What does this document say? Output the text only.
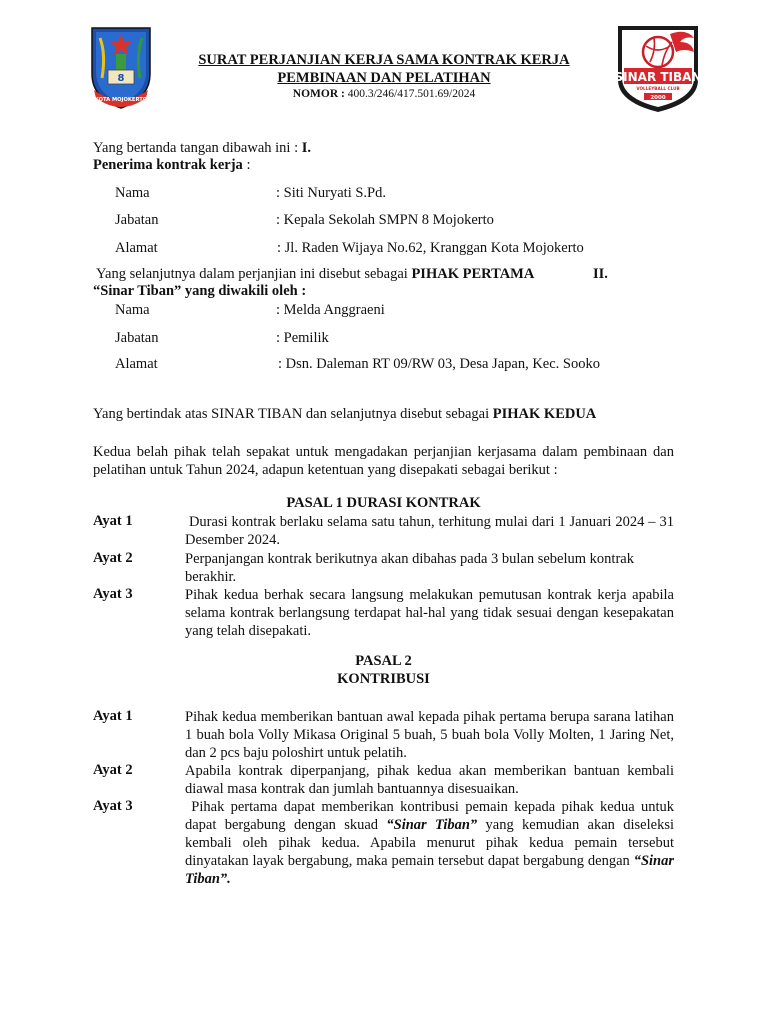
8
KOTA MOJOKERTO
SURAT PERJANJIAN KERJA SAMA KONTRAK KERJA
PEMBINAAN DAN PELATIHAN
NOMOR : 400.3/246/417.501.69/2024
SINAR TIBAN
VOLLEYBALL CLUB
2000
Yang bertanda tangan dibawah ini : I.
Penerima kontrak kerja :
Nama	: Siti Nuryati S.Pd.
Jabatan	: Kepala Sekolah SMPN 8 Mojokerto
Alamat	: Jl. Raden Wijaya No.62, Kranggan Kota Mojokerto
Yang selanjutnya dalam perjanjian ini disebut sebagai PIHAK PERTAMA	II.
“Sinar Tiban” yang diwakili oleh :
Nama	: Melda Anggraeni
Jabatan	: Pemilik
Alamat	: Dsn. Daleman RT 09/RW 03, Desa Japan, Kec. Sooko
Yang bertindak atas SINAR TIBAN dan selanjutnya disebut sebagai PIHAK KEDUA
Kedua belah pihak telah sepakat untuk mengadakan perjanjian kerjasama dalam pembinaan dan pelatihan untuk Tahun 2024, adapun ketentuan yang disepakati sebagai berikut :
PASAL 1 DURASI KONTRAK
Ayat 1	Durasi kontrak berlaku selama satu tahun, terhitung mulai dari 1 Januari 2024 – 31 Desember 2024.
Ayat 2	Perpanjangan kontrak berikutnya akan dibahas pada 3 bulan sebelum kontrak berakhir.
Ayat 3	Pihak kedua berhak secara langsung melakukan pemutusan kontrak kerja apabila selama kontrak berlangsung terdapat hal-hal yang tidak sesuai dengan kesepakatan yang telah disepakati.
PASAL 2
KONTRIBUSI
Ayat 1	Pihak kedua memberikan bantuan awal kepada pihak pertama berupa sarana latihan 1 buah bola Volly Mikasa Original 5 buah, 5 buah bola Volly Molten, 1 Jaring Net, dan 2 pcs baju poloshirt untuk pelatih.
Ayat 2	Apabila kontrak diperpanjang, pihak kedua akan memberikan bantuan kembali diawal masa kontrak dan jumlah bantuannya disesuaikan.
Ayat 3	Pihak pertama dapat memberikan kontribusi pemain kepada pihak kedua untuk dapat bergabung dengan skuad “Sinar Tiban” yang kemudian akan diseleksi kembali oleh pihak kedua. Apabila menurut pihak kedua pemain tersebut dinyatakan layak bergabung, maka pemain tersebut dapat bergabung dengan “Sinar Tiban”.
